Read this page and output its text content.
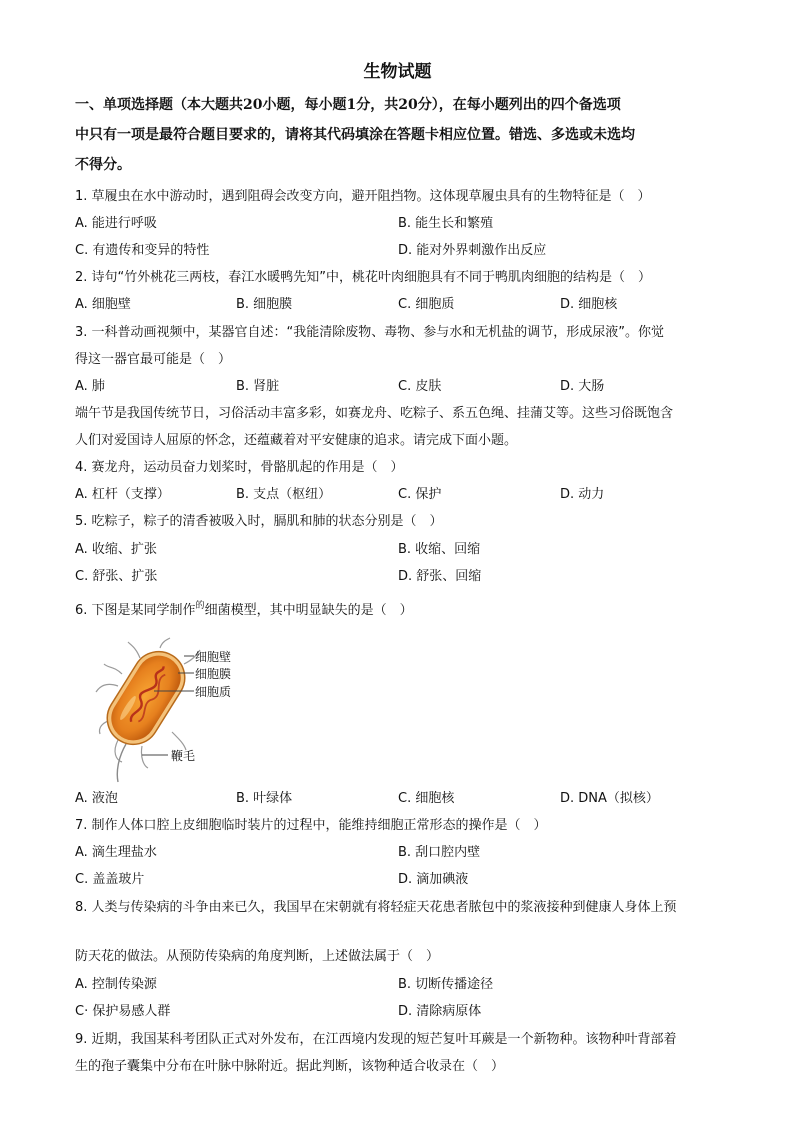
生物试题
一、单项选择题（本大题共20小题，每小题1分，共20分），在每小题列出的四个备选项
中只有一项是最符合题目要求的，请将其代码填涂在答题卡相应位置。错选、多选或未选均
不得分。
1. 草履虫在水中游动时，遇到阻碍会改变方向，避开阻挡物。这体现草履虫具有的生物特征是（　）
A. 能进行呼吸	B. 能生长和繁殖
C. 有遗传和变异的特性	D. 能对外界刺激作出反应
2. 诗句“竹外桃花三两枝，春江水暖鸭先知”中，桃花叶肉细胞具有不同于鸭肌肉细胞的结构是（　）
A. 细胞壁	B. 细胞膜	C. 细胞质	D. 细胞核
3. 一科普动画视频中，某器官自述：“我能清除废物、毒物、参与水和无机盐的调节，形成尿液”。你觉
得这一器官最可能是（　）
A. 肺	B. 肾脏	C. 皮肤	D. 大肠
端午节是我国传统节日，习俗活动丰富多彩，如赛龙舟、吃粽子、系五色绳、挂蒲艾等。这些习俗既饱含
人们对爱国诗人屈原的怀念，还蕴藏着对平安健康的追求。请完成下面小题。
4. 赛龙舟，运动员奋力划桨时，骨骼肌起的作用是（　）
A. 杠杆（支撑）	B. 支点（枢纽）	C. 保护	D. 动力
5. 吃粽子，粽子的清香被吸入时，膈肌和肺的状态分别是（　）
A. 收缩、扩张	B. 收缩、回缩
C. 舒张、扩张	D. 舒张、回缩
6. 下图是某同学制作$^的$细菌模型，其中明显缺失的是（　）
细胞壁
细胞膜
细胞质
鞭毛
A. 液泡	B. 叶绿体	C. 细胞核	D. DNA（拟核）
7. 制作人体口腔上皮细胞临时装片的过程中，能维持细胞正常形态的操作是（　）
A. 滴生理盐水	B. 刮口腔内壁
C. 盖盖玻片	D. 滴加碘液
8. 人类与传染病的斗争由来已久，我国早在宋朝就有将轻症天花患者脓包中的浆液接种到健康人身体上预
防天花的做法。从预防传染病的角度判断，上述做法属于（　）
A. 控制传染源	B. 切断传播途径
C· 保护易感人群	D. 清除病原体
9. 近期，我国某科考团队正式对外发布，在江西境内发现的短芒复叶耳蕨是一个新物种。该物种叶背部着
生的孢子囊集中分布在叶脉中脉附近。据此判断，该物种适合收录在（　）
